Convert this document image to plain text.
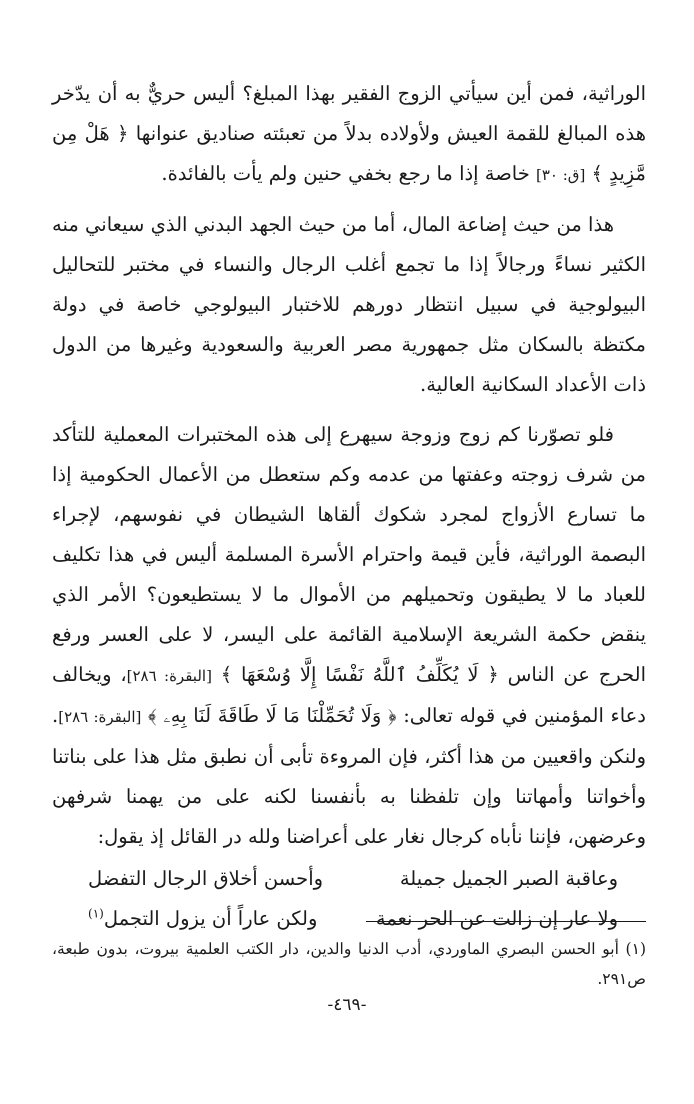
الوراثية، فمن أين سيأتي الزوج الفقير بهذا المبلغ؟ أليس حريٌّ به أن يدّخر هذه المبالغ للقمة العيش ولأولاده بدلاً من تعبئته صناديق عنوانها ﴿ هَلْ مِن مَّزِيدٍ ﴾ [ق: ٣٠] خاصة إذا ما رجع بخفي حنين ولم يأت بالفائدة.

هذا من حيث إضاعة المال، أما من حيث الجهد البدني الذي سيعاني منه الكثير نساءً ورجالاً إذا ما تجمع أغلب الرجال والنساء في مختبر للتحاليل البيولوجية في سبيل انتظار دورهم للاختبار البيولوجي خاصة في دولة مكتظة بالسكان مثل جمهورية مصر العربية والسعودية وغيرها من الدول ذات الأعداد السكانية العالية.

فلو تصوّرنا كم زوج وزوجة سيهرع إلى هذه المختبرات المعملية للتأكد من شرف زوجته وعفتها من عدمه وكم ستعطل من الأعمال الحكومية إذا ما تسارع الأزواج لمجرد شكوك ألقاها الشيطان في نفوسهم، لإجراء البصمة الوراثية، فأين قيمة واحترام الأسرة المسلمة أليس في هذا تكليف للعباد ما لا يطيقون وتحميلهم من الأموال ما لا يستطيعون؟ الأمر الذي ينقض حكمة الشريعة الإسلامية القائمة على اليسر، لا على العسر ورفع الحرج عن الناس ﴿ لَا يُكَلِّفُ ٱللَّهُ نَفْسًا إِلَّا وُسْعَهَا ﴾ [البقرة: ٢٨٦]، ويخالف دعاء المؤمنين في قوله تعالى: ﴿ وَلَا تُحَمِّلْنَا مَا لَا طَاقَةَ لَنَا بِهِۦ ﴾ [البقرة: ٢٨٦]. ولنكن واقعيين من هذا أكثر، فإن المروءة تأبى أن نطبق مثل هذا على بناتنا وأخواتنا وأمهاتنا وإن تلفظنا به بأنفسنا لكنه على من يهمنا شرفهن وعرضهن، فإننا نأباه كرجال نغار على أعراضنا ولله در القائل إذ يقول:

وعاقبة الصبر الجميل جميلة
وأحسن أخلاق الرجال التفضل
ولا عار إن زالت عن الحر نعمة
ولكن عاراً أن يزول التجمل$^{(١)}$

(١) أبو الحسن البصري الماوردي، أدب الدنيا والدين، دار الكتب العلمية بيروت، بدون طبعة، ص٢٩١.

-٤٦٩-
